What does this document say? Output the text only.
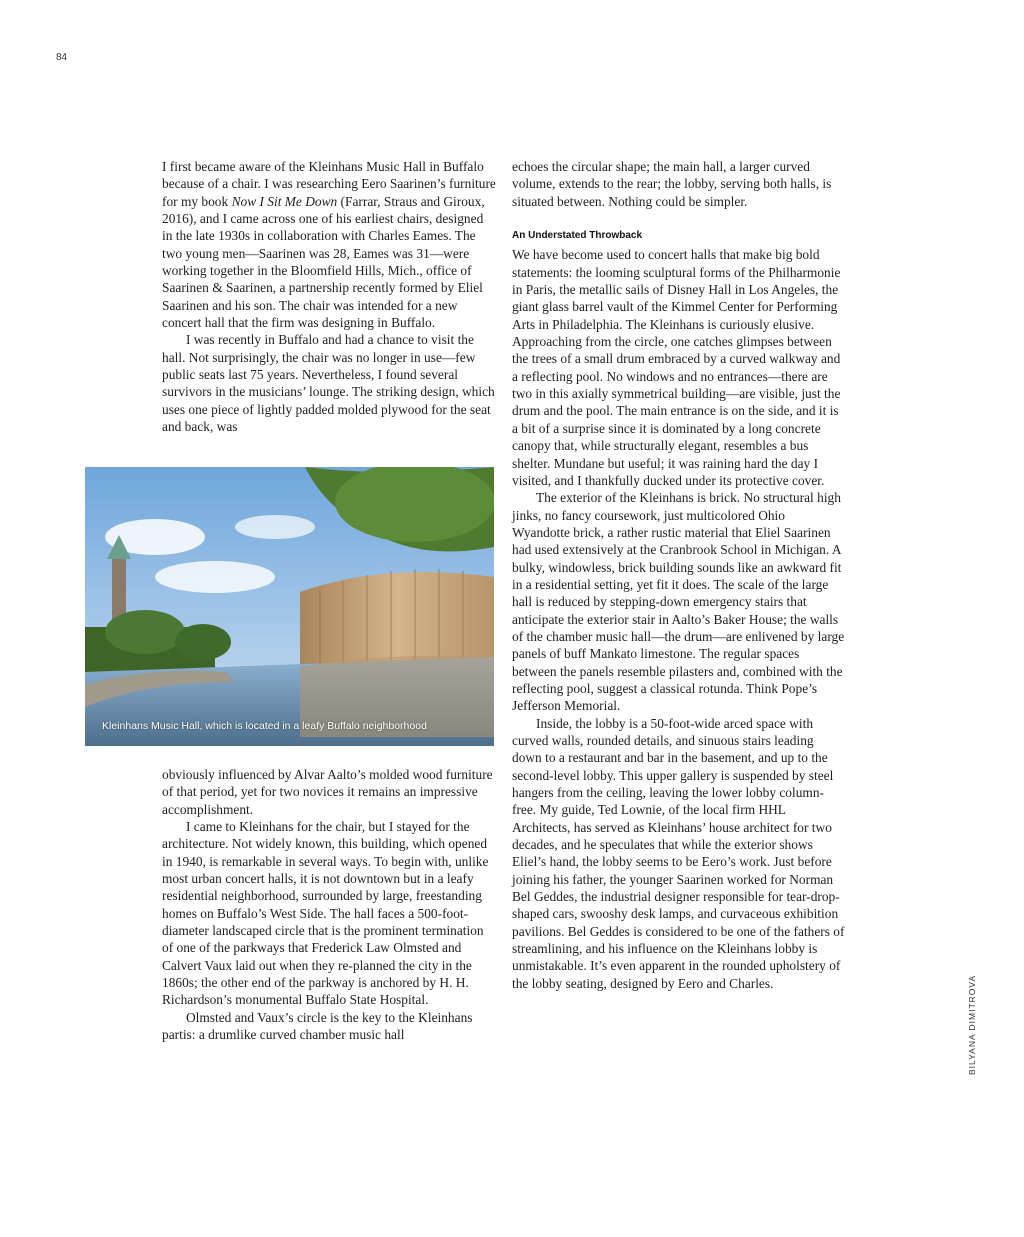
84

I first became aware of the Kleinhans Music Hall in Buffalo because of a chair. I was researching Eero Saarinen’s furniture for my book Now I Sit Me Down (Farrar, Straus and Giroux, 2016), and I came across one of his earliest chairs, designed in the late 1930s in collaboration with Charles Eames. The two young men—Saarinen was 28, Eames was 31—were working together in the Bloomfield Hills, Mich., office of Saarinen & Saarinen, a partnership recently formed by Eliel Saarinen and his son. The chair was intended for a new concert hall that the firm was designing in Buffalo.

I was recently in Buffalo and had a chance to visit the hall. Not surprisingly, the chair was no longer in use—few public seats last 75 years. Nevertheless, I found several survivors in the musicians’ lounge. The striking design, which uses one piece of lightly padded molded plywood for the seat and back, was

Kleinhans Music Hall, which is located in a leafy Buffalo neighborhood

obviously influenced by Alvar Aalto’s molded wood furniture of that period, yet for two novices it remains an impressive accomplishment.

I came to Kleinhans for the chair, but I stayed for the architecture. Not widely known, this building, which opened in 1940, is remarkable in several ways. To begin with, unlike most urban concert halls, it is not downtown but in a leafy residential neighborhood, surrounded by large, freestanding homes on Buffalo’s West Side. The hall faces a 500-foot-diameter landscaped circle that is the prominent termination of one of the parkways that Frederick Law Olmsted and Calvert Vaux laid out when they re-planned the city in the 1860s; the other end of the parkway is anchored by H. H. Richardson’s monumental Buffalo State Hospital.

Olmsted and Vaux’s circle is the key to the Kleinhans partis: a drumlike curved chamber music hall

echoes the circular shape; the main hall, a larger curved volume, extends to the rear; the lobby, serving both halls, is situated between. Nothing could be simpler.

An Understated Throwback

We have become used to concert halls that make big bold statements: the looming sculptural forms of the Philharmonie in Paris, the metallic sails of Disney Hall in Los Angeles, the giant glass barrel vault of the Kimmel Center for Performing Arts in Philadelphia. The Kleinhans is curiously elusive. Approaching from the circle, one catches glimpses between the trees of a small drum embraced by a curved walkway and a reflecting pool. No windows and no entrances—there are two in this axially symmetrical building—are visible, just the drum and the pool. The main entrance is on the side, and it is a bit of a surprise since it is dominated by a long concrete canopy that, while structurally elegant, resembles a bus shelter. Mundane but useful; it was raining hard the day I visited, and I thankfully ducked under its protective cover.

The exterior of the Kleinhans is brick. No structural high jinks, no fancy coursework, just multicolored Ohio Wyandotte brick, a rather rustic material that Eliel Saarinen had used extensively at the Cranbrook School in Michigan. A bulky, windowless, brick building sounds like an awkward fit in a residential setting, yet fit it does. The scale of the large hall is reduced by stepping-down emergency stairs that anticipate the exterior stair in Aalto’s Baker House; the walls of the chamber music hall—the drum—are enlivened by large panels of buff Mankato limestone. The regular spaces between the panels resemble pilasters and, combined with the reflecting pool, suggest a classical rotunda. Think Pope’s Jefferson Memorial.

Inside, the lobby is a 50-foot-wide arced space with curved walls, rounded details, and sinuous stairs leading down to a restaurant and bar in the basement, and up to the second-level lobby. This upper gallery is suspended by steel hangers from the ceiling, leaving the lower lobby column-free. My guide, Ted Lownie, of the local firm HHL Architects, has served as Kleinhans’ house architect for two decades, and he speculates that while the exterior shows Eliel’s hand, the lobby seems to be Eero’s work. Just before joining his father, the younger Saarinen worked for Norman Bel Geddes, the industrial designer responsible for tear-drop-shaped cars, swooshy desk lamps, and curvaceous exhibition pavilions. Bel Geddes is considered to be one of the fathers of streamlining, and his influence on the Kleinhans lobby is unmistakable. It’s even apparent in the rounded upholstery of the lobby seating, designed by Eero and Charles.	BILYANA DIMITROVA
